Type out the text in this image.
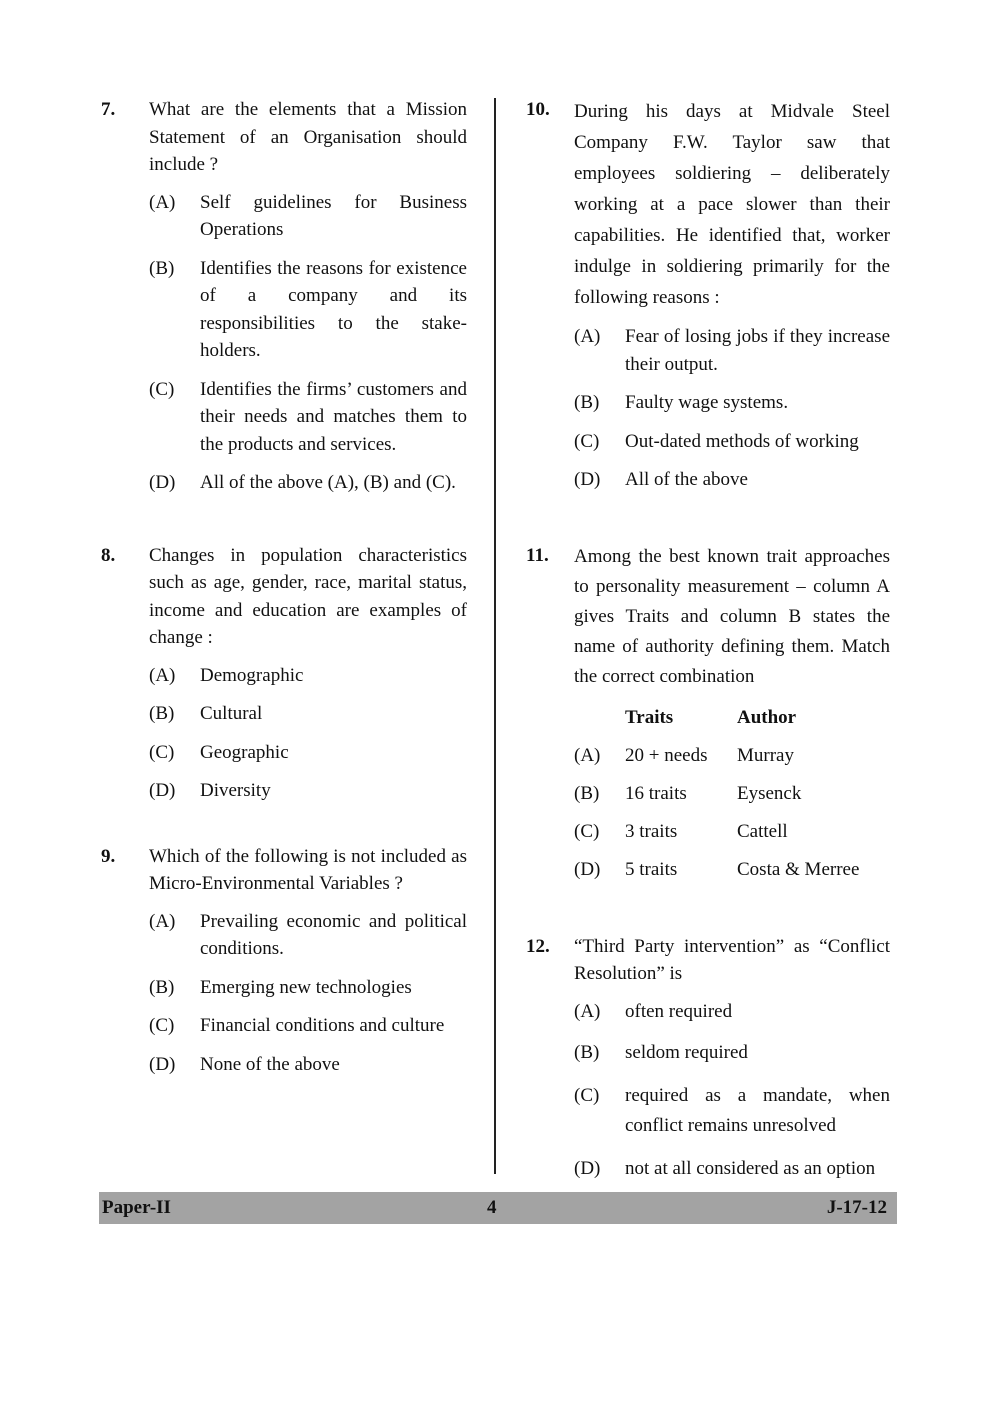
7. What are the elements that a Mission Statement of an Organisation should include ?
(A)	Self guidelines for Business Operations
(B)	Identifies the reasons for existence of a company and its responsibilities to the stake-holders.
(C)	Identifies the firms’ customers and their needs and matches them to the products and services.
(D)	All of the above (A), (B) and (C).
8. Changes in population characteristics such as age, gender, race, marital status, income and education are examples of change :
(A)	Demographic
(B)	Cultural
(C)	Geographic
(D)	Diversity
9. Which of the following is not included as Micro-Environmental Variables ?
(A)	Prevailing economic and political conditions.
(B)	Emerging new technologies
(C)	Financial conditions and culture
(D)	None of the above
10. During his days at Midvale Steel Company F.W. Taylor saw that employees soldiering – deliberately working at a pace slower than their capabilities. He identified that, worker indulge in soldiering primarily for the following reasons :
(A)	Fear of losing jobs if they increase their output.
(B)	Faulty wage systems.
(C)	Out-dated methods of working
(D)	All of the above
11. Among the best known trait approaches to personality measurement – column A gives Traits and column B states the name of authority defining them. Match the correct combination
Traits	Author
(A)	20 + needs	Murray
(B)	16 traits	Eysenck
(C)	3 traits	Cattell
(D)	5 traits	Costa & Merree
12. “Third Party intervention” as “Conflict Resolution” is
(A)	often required
(B)	seldom required
(C)	required as a mandate, when conflict remains unresolved
(D)	not at all considered as an option
Paper-II	4	J-17-12
